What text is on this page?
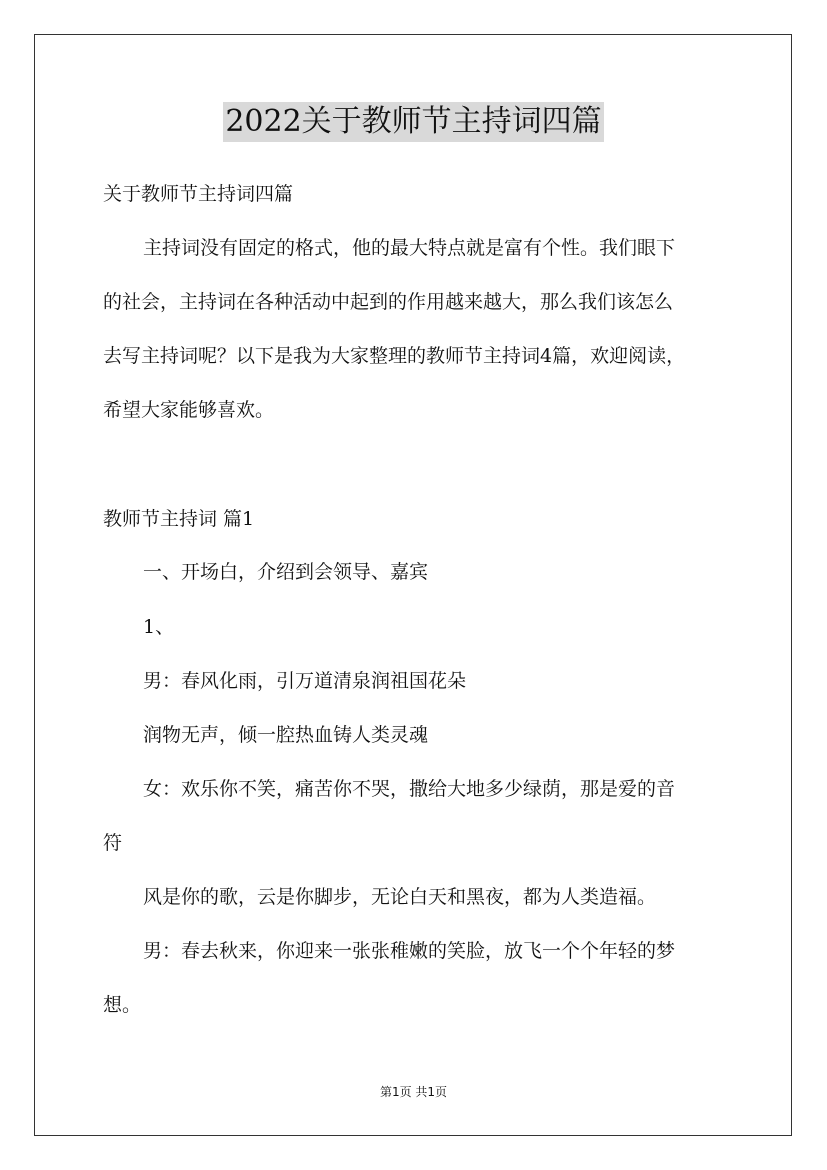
2022关于教师节主持词四篇
关于教师节主持词四篇
主持词没有固定的格式，他的最大特点就是富有个性。我们眼下
的社会，主持词在各种活动中起到的作用越来越大，那么我们该怎么
去写主持词呢？以下是我为大家整理的教师节主持词4篇，欢迎阅读，
希望大家能够喜欢。
教师节主持词 篇1
一、开场白，介绍到会领导、嘉宾
1、
男：春风化雨，引万道清泉润祖国花朵
润物无声，倾一腔热血铸人类灵魂
女：欢乐你不笑，痛苦你不哭，撒给大地多少绿荫，那是爱的音
符
风是你的歌，云是你脚步，无论白天和黑夜，都为人类造福。
男：春去秋来，你迎来一张张稚嫩的笑脸，放飞一个个年轻的梦
想。
第1页 共1页
